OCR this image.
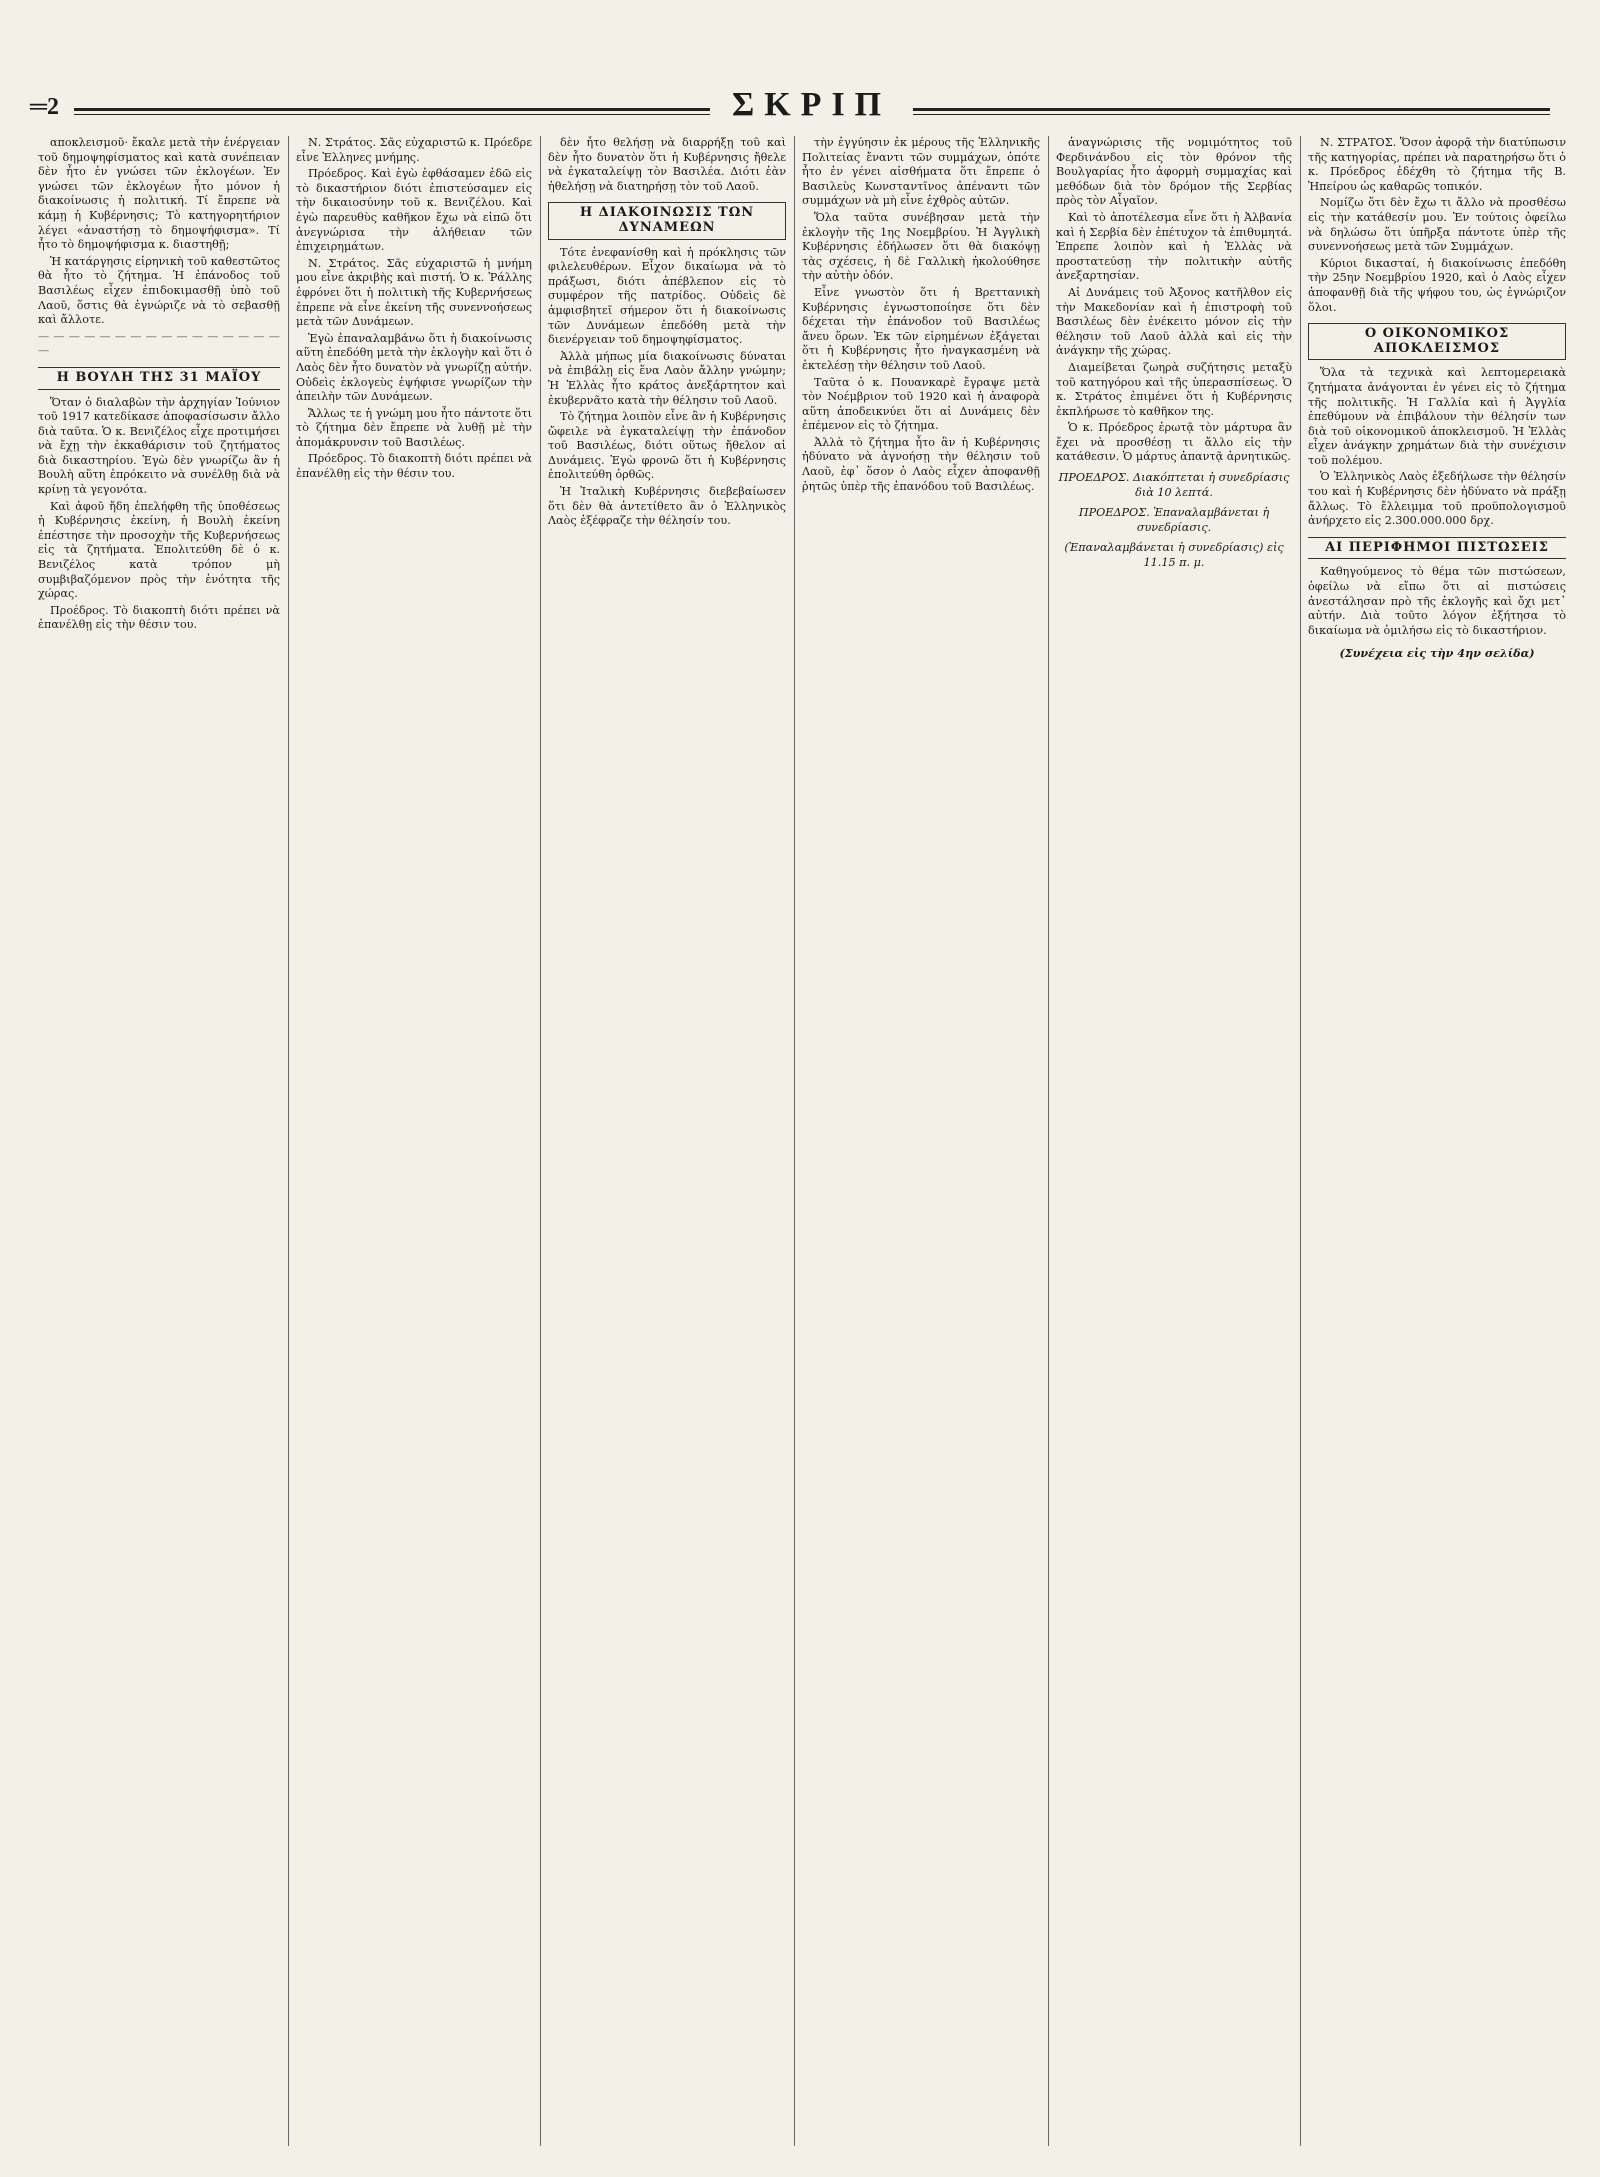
═ 2	ΣΚΡΙΠ

αποκλεισμοῦ· ἔκαλε μετὰ τὴν ἐνέργειαν τοῦ δημοψηφίσματος καὶ κατὰ συνέπειαν δὲν ἦτο ἐν γνώσει τῶν ἐκλογέων. Ἐν γνώσει τῶν ἐκλογέων ἦτο μόνον ἡ διακοίνωσις ἡ πολιτική. Τί ἔπρεπε νὰ κάμῃ ἡ Κυβέρνησις; Τὸ κατηγορητήριον λέγει «ἀναστήσῃ τὸ δημοψήφισμα». Τί ἦτο τὸ δημοψήφισμα κ. διαστηθῇ;

Ἡ κατάργησις εἰρηνικὴ τοῦ καθεστῶτος θὰ ἦτο τὸ ζήτημα. Ἡ ἐπάνοδος τοῦ Βασιλέως εἶχεν ἐπιδοκιμασθῇ ὑπὸ τοῦ Λαοῦ, ὅστις θὰ ἐγνώριζε νὰ τὸ σεβασθῇ καὶ ἄλλοτε.

— — — — — — — — — — — — — — — — —
Η ΒΟΥΛΗ ΤΗΣ 31 ΜΑΪΟΥ

Ὅταν ὁ διαλαβὼν τὴν ἀρχηγίαν Ἰούνιον τοῦ 1917 κατεδίκασε ἀποφασίσωσιν ἄλλο διὰ ταῦτα. Ὁ κ. Βενιζέλος εἶχε προτιμήσει νὰ ἔχῃ τὴν ἐκκαθάρισιν τοῦ ζητήματος διὰ δικαστηρίου. Ἐγὼ δὲν γνωρίζω ἂν ἡ Βουλὴ αὕτη ἐπρόκειτο νὰ συνέλθῃ διὰ νὰ κρίνῃ τὰ γεγονότα.

Καὶ ἀφοῦ ἤδη ἐπελήφθη τῆς ὑποθέσεως ἡ Κυβέρνησις ἐκείνη, ἡ Βουλὴ ἐκείνη ἐπέστησε τὴν προσοχὴν τῆς Κυβερνήσεως εἰς τὰ ζητήματα. Ἐπολιτεύθη δὲ ὁ κ. Βενιζέλος κατὰ τρόπον μὴ συμβιβαζόμενον πρὸς τὴν ἐνότητα τῆς χώρας.

Προέδρος. Τὸ διακοπτὴ διότι πρέπει νὰ ἐπανέλθῃ εἰς τὴν θέσιν του.

Ν. Στράτος. Σᾶς εὐχαριστῶ κ. Πρόεδρε εἶνε Ἑλληνες μνήμης.

Πρόεδρος. Καὶ ἐγὼ ἐφθάσαμεν ἐδῶ εἰς τὸ δικαστήριον διότι ἐπιστεύσαμεν εἰς τὴν δικαιοσύνην τοῦ κ. Βενιζέλου. Καὶ ἐγὼ παρευθὺς καθῆκον ἔχω νὰ εἰπῶ ὅτι ἀνεγνώρισα τὴν ἀλήθειαν τῶν ἐπιχειρημάτων.

Ν. Στράτος. Σᾶς εὐχαριστῶ ἡ μνήμη μου εἶνε ἀκριβὴς καὶ πιστή. Ὁ κ. Ῥάλλης ἐφρόνει ὅτι ἡ πολιτικὴ τῆς Κυβερνήσεως ἐπρεπε νὰ εἶνε ἐκείνη τῆς συνεννοήσεως μετὰ τῶν Δυνάμεων.

Ἐγὼ ἐπαναλαμβάνω ὅτι ἡ διακοίνωσις αὕτη ἐπεδόθη μετὰ τὴν ἐκλογὴν καὶ ὅτι ὁ Λαὸς δὲν ἦτο δυνατὸν νὰ γνωρίζῃ αὐτήν. Οὐδεὶς ἐκλογεὺς ἐψήφισε γνωρίζων τὴν ἀπειλὴν τῶν Δυνάμεων.

Ἄλλως τε ἡ γνώμη μου ἦτο πάντοτε ὅτι τὸ ζήτημα δὲν ἔπρεπε νὰ λυθῇ μὲ τὴν ἀπομάκρυνσιν τοῦ Βασιλέως.

Πρόεδρος. Τὸ διακοπτὴ διότι πρέπει νὰ ἐπανέλθῃ εἰς τὴν θέσιν του.

δὲν ἦτο θελήσῃ νὰ διαρρήξῃ τοῦ καὶ δὲν ἦτο δυνατὸν ὅτι ἡ Κυβέρνησις ἤθελε νὰ ἐγκαταλείψῃ τὸν Βασιλέα. Διότι ἐὰν ἡθελήσῃ νὰ διατηρήσῃ τὸν τοῦ Λαοῦ.

Η ΔΙΑΚΟΙΝΩΣΙΣ ΤΩΝ ΔΥΝΑΜΕΩΝ

Τότε ἐνεφανίσθη καὶ ἡ πρόκλησις τῶν φιλελευθέρων. Εἶχον δικαίωμα νὰ τὸ πράξωσι, διότι ἀπέβλεπον εἰς τὸ συμφέρον τῆς πατρίδος. Οὐδεὶς δὲ ἀμφισβητεῖ σήμερον ὅτι ἡ διακοίνωσις τῶν Δυνάμεων ἐπεδόθη μετὰ τὴν διενέργειαν τοῦ δημοψηφίσματος.

Ἀλλὰ μήπως μία διακοίνωσις δύναται νὰ ἐπιβάλῃ εἰς ἕνα Λαὸν ἄλλην γνώμην; Ἡ Ἑλλὰς ἦτο κράτος ἀνεξάρτητον καὶ ἐκυβερνᾶτο κατὰ τὴν θέλησιν τοῦ Λαοῦ.

Τὸ ζήτημα λοιπὸν εἶνε ἂν ἡ Κυβέρνησις ὤφειλε νὰ ἐγκαταλείψῃ τὴν ἐπάνοδον τοῦ Βασιλέως, διότι οὕτως ἤθελον αἱ Δυνάμεις. Ἐγὼ φρονῶ ὅτι ἡ Κυβέρνησις ἐπολιτεύθη ὀρθῶς.

Ἡ Ἰταλικὴ Κυβέρνησις διεβεβαίωσεν ὅτι δὲν θὰ ἀντετίθετο ἂν ὁ Ἑλληνικὸς Λαὸς ἐξέφραζε τὴν θέλησίν του.

τὴν ἐγγύησιν ἐκ μέρους τῆς Ἑλληνικῆς Πολιτείας ἔναντι τῶν συμμάχων, ὁπότε ἦτο ἐν γένει αἰσθήματα ὅτι ἔπρεπε ὁ Βασιλεὺς Κωνσταντῖνος ἀπέναντι τῶν συμμάχων νὰ μὴ εἶνε ἐχθρὸς αὐτῶν.

Ὅλα ταῦτα συνέβησαν μετὰ τὴν ἐκλογὴν τῆς 1ης Νοεμβρίου. Ἡ Ἀγγλικὴ Κυβέρνησις ἐδήλωσεν ὅτι θὰ διακόψῃ τὰς σχέσεις, ἡ δὲ Γαλλικὴ ἠκολούθησε τὴν αὐτὴν ὁδόν.

Εἶνε γνωστὸν ὅτι ἡ Βρεττανικὴ Κυβέρνησις ἐγνωστοποίησε ὅτι δὲν δέχεται τὴν ἐπάνοδον τοῦ Βασιλέως ἄνευ ὅρων. Ἐκ τῶν εἰρημένων ἐξάγεται ὅτι ἡ Κυβέρνησις ἦτο ἠναγκασμένη νὰ ἐκτελέσῃ τὴν θέλησιν τοῦ Λαοῦ.

Ταῦτα ὁ κ. Πουανκαρὲ ἔγραψε μετὰ τὸν Νοέμβριον τοῦ 1920 καὶ ἡ ἀναφορὰ αὕτη ἀποδεικνύει ὅτι αἱ Δυνάμεις δὲν ἐπέμενον εἰς τὸ ζήτημα.

Ἀλλὰ τὸ ζήτημα ἦτο ἂν ἡ Κυβέρνησις ἠδύνατο νὰ ἀγνοήσῃ τὴν θέλησιν τοῦ Λαοῦ, ἐφ᾽ ὅσον ὁ Λαὸς εἶχεν ἀποφανθῇ ῥητῶς ὑπὲρ τῆς ἐπανόδου τοῦ Βασιλέως.

ἀναγνώρισις τῆς νομιμότητος τοῦ Φερδινάνδου εἰς τὸν θρόνον τῆς Βουλγαρίας ἦτο ἀφορμὴ συμμαχίας καὶ μεθόδων διὰ τὸν δρόμον τῆς Σερβίας πρὸς τὸν Αἶγαῖον.

Καὶ τὸ ἀποτέλεσμα εἶνε ὅτι ἡ Ἀλβανία καὶ ἡ Σερβία δὲν ἐπέτυχον τὰ ἐπιθυμητά. Ἐπρεπε λοιπὸν καὶ ἡ Ἑλλὰς νὰ προστατεύσῃ τὴν πολιτικὴν αὐτῆς ἀνεξαρτησίαν.

Αἱ Δυνάμεις τοῦ Ἀξονος κατῆλθον εἰς τὴν Μακεδονίαν καὶ ἡ ἐπιστροφὴ τοῦ Βασιλέως δὲν ἐνέκειτο μόνον εἰς τὴν θέλησιν τοῦ Λαοῦ ἀλλὰ καὶ εἰς τὴν ἀνάγκην τῆς χώρας.

Διαμείβεται ζωηρὰ συζήτησις μεταξὺ τοῦ κατηγόρου καὶ τῆς ὑπερασπίσεως. Ὁ κ. Στράτος ἐπιμένει ὅτι ἡ Κυβέρνησις ἐκπλήρωσε τὸ καθῆκον της.

Ὁ κ. Πρόεδρος ἐρωτᾷ τὸν μάρτυρα ἂν ἔχει νὰ προσθέσῃ τι ἄλλο εἰς τὴν κατάθεσιν. Ὁ μάρτυς ἀπαντᾷ ἀρνητικῶς.

ΠΡΟΕΔΡΟΣ. Διακόπτεται ἡ συνεδρίασις διὰ 10 λεπτά.
ΠΡΟΕΔΡΟΣ. Ἐπαναλαμβάνεται ἡ συνεδρίασις.
(Ἐπαναλαμβάνεται ἡ συνεδρίασις) εἰς 11.15 π. μ.

Ν. ΣΤΡΑΤΟΣ. Ὅσον ἀφορᾷ τὴν διατύπωσιν τῆς κατηγορίας, πρέπει νὰ παρατηρήσω ὅτι ὁ κ. Πρόεδρος ἐδέχθη τὸ ζήτημα τῆς Β. Ἠπείρου ὡς καθαρῶς τοπικόν.

Νομίζω ὅτι δὲν ἔχω τι ἄλλο νὰ προσθέσω εἰς τὴν κατάθεσίν μου. Ἐν τούτοις ὀφείλω νὰ δηλώσω ὅτι ὑπῆρξα πάντοτε ὑπὲρ τῆς συνεννοήσεως μετὰ τῶν Συμμάχων.

Κύριοι δικασταί, ἡ διακοίνωσις ἐπεδόθη τὴν 25ην Νοεμβρίου 1920, καὶ ὁ Λαὸς εἶχεν ἀποφανθῇ διὰ τῆς ψήφου του, ὡς ἐγνώριζον ὅλοι.

Ο ΟΙΚΟΝΟΜΙΚΟΣ ΑΠΟΚΛΕΙΣΜΟΣ

Ὅλα τὰ τεχνικὰ καὶ λεπτομερειακὰ ζητήματα ἀνάγονται ἐν γένει εἰς τὸ ζήτημα τῆς πολιτικῆς. Ἡ Γαλλία καὶ ἡ Ἀγγλία ἐπεθύμουν νὰ ἐπιβάλουν τὴν θέλησίν των διὰ τοῦ οἰκονομικοῦ ἀποκλεισμοῦ. Ἡ Ἑλλὰς εἶχεν ἀνάγκην χρημάτων διὰ τὴν συνέχισιν τοῦ πολέμου.

Ὁ Ἑλληνικὸς Λαὸς ἐξεδήλωσε τὴν θέλησίν του καὶ ἡ Κυβέρνησις δὲν ἠδύνατο νὰ πράξῃ ἄλλως. Τὸ ἔλλειμμα τοῦ προϋπολογισμοῦ ἀνήρχετο εἰς 2.300.000.000 δρχ.

ΑΙ ΠΕΡΙΦΗΜΟΙ ΠΙΣΤΩΣΕΙΣ

Καθηγούμενος τὸ θέμα τῶν πιστώσεων, ὀφείλω νὰ εἴπω ὅτι αἱ πιστώσεις ἀνεστάλησαν πρὸ τῆς ἐκλογῆς καὶ ὄχι μετ᾽ αὐτήν. Διὰ τοῦτο λόγον ἐξήτησα τὸ δικαίωμα νὰ ὁμιλήσω εἰς τὸ δικαστήριον.

(Συνέχεια εἰς τὴν 4ην σελίδα)
